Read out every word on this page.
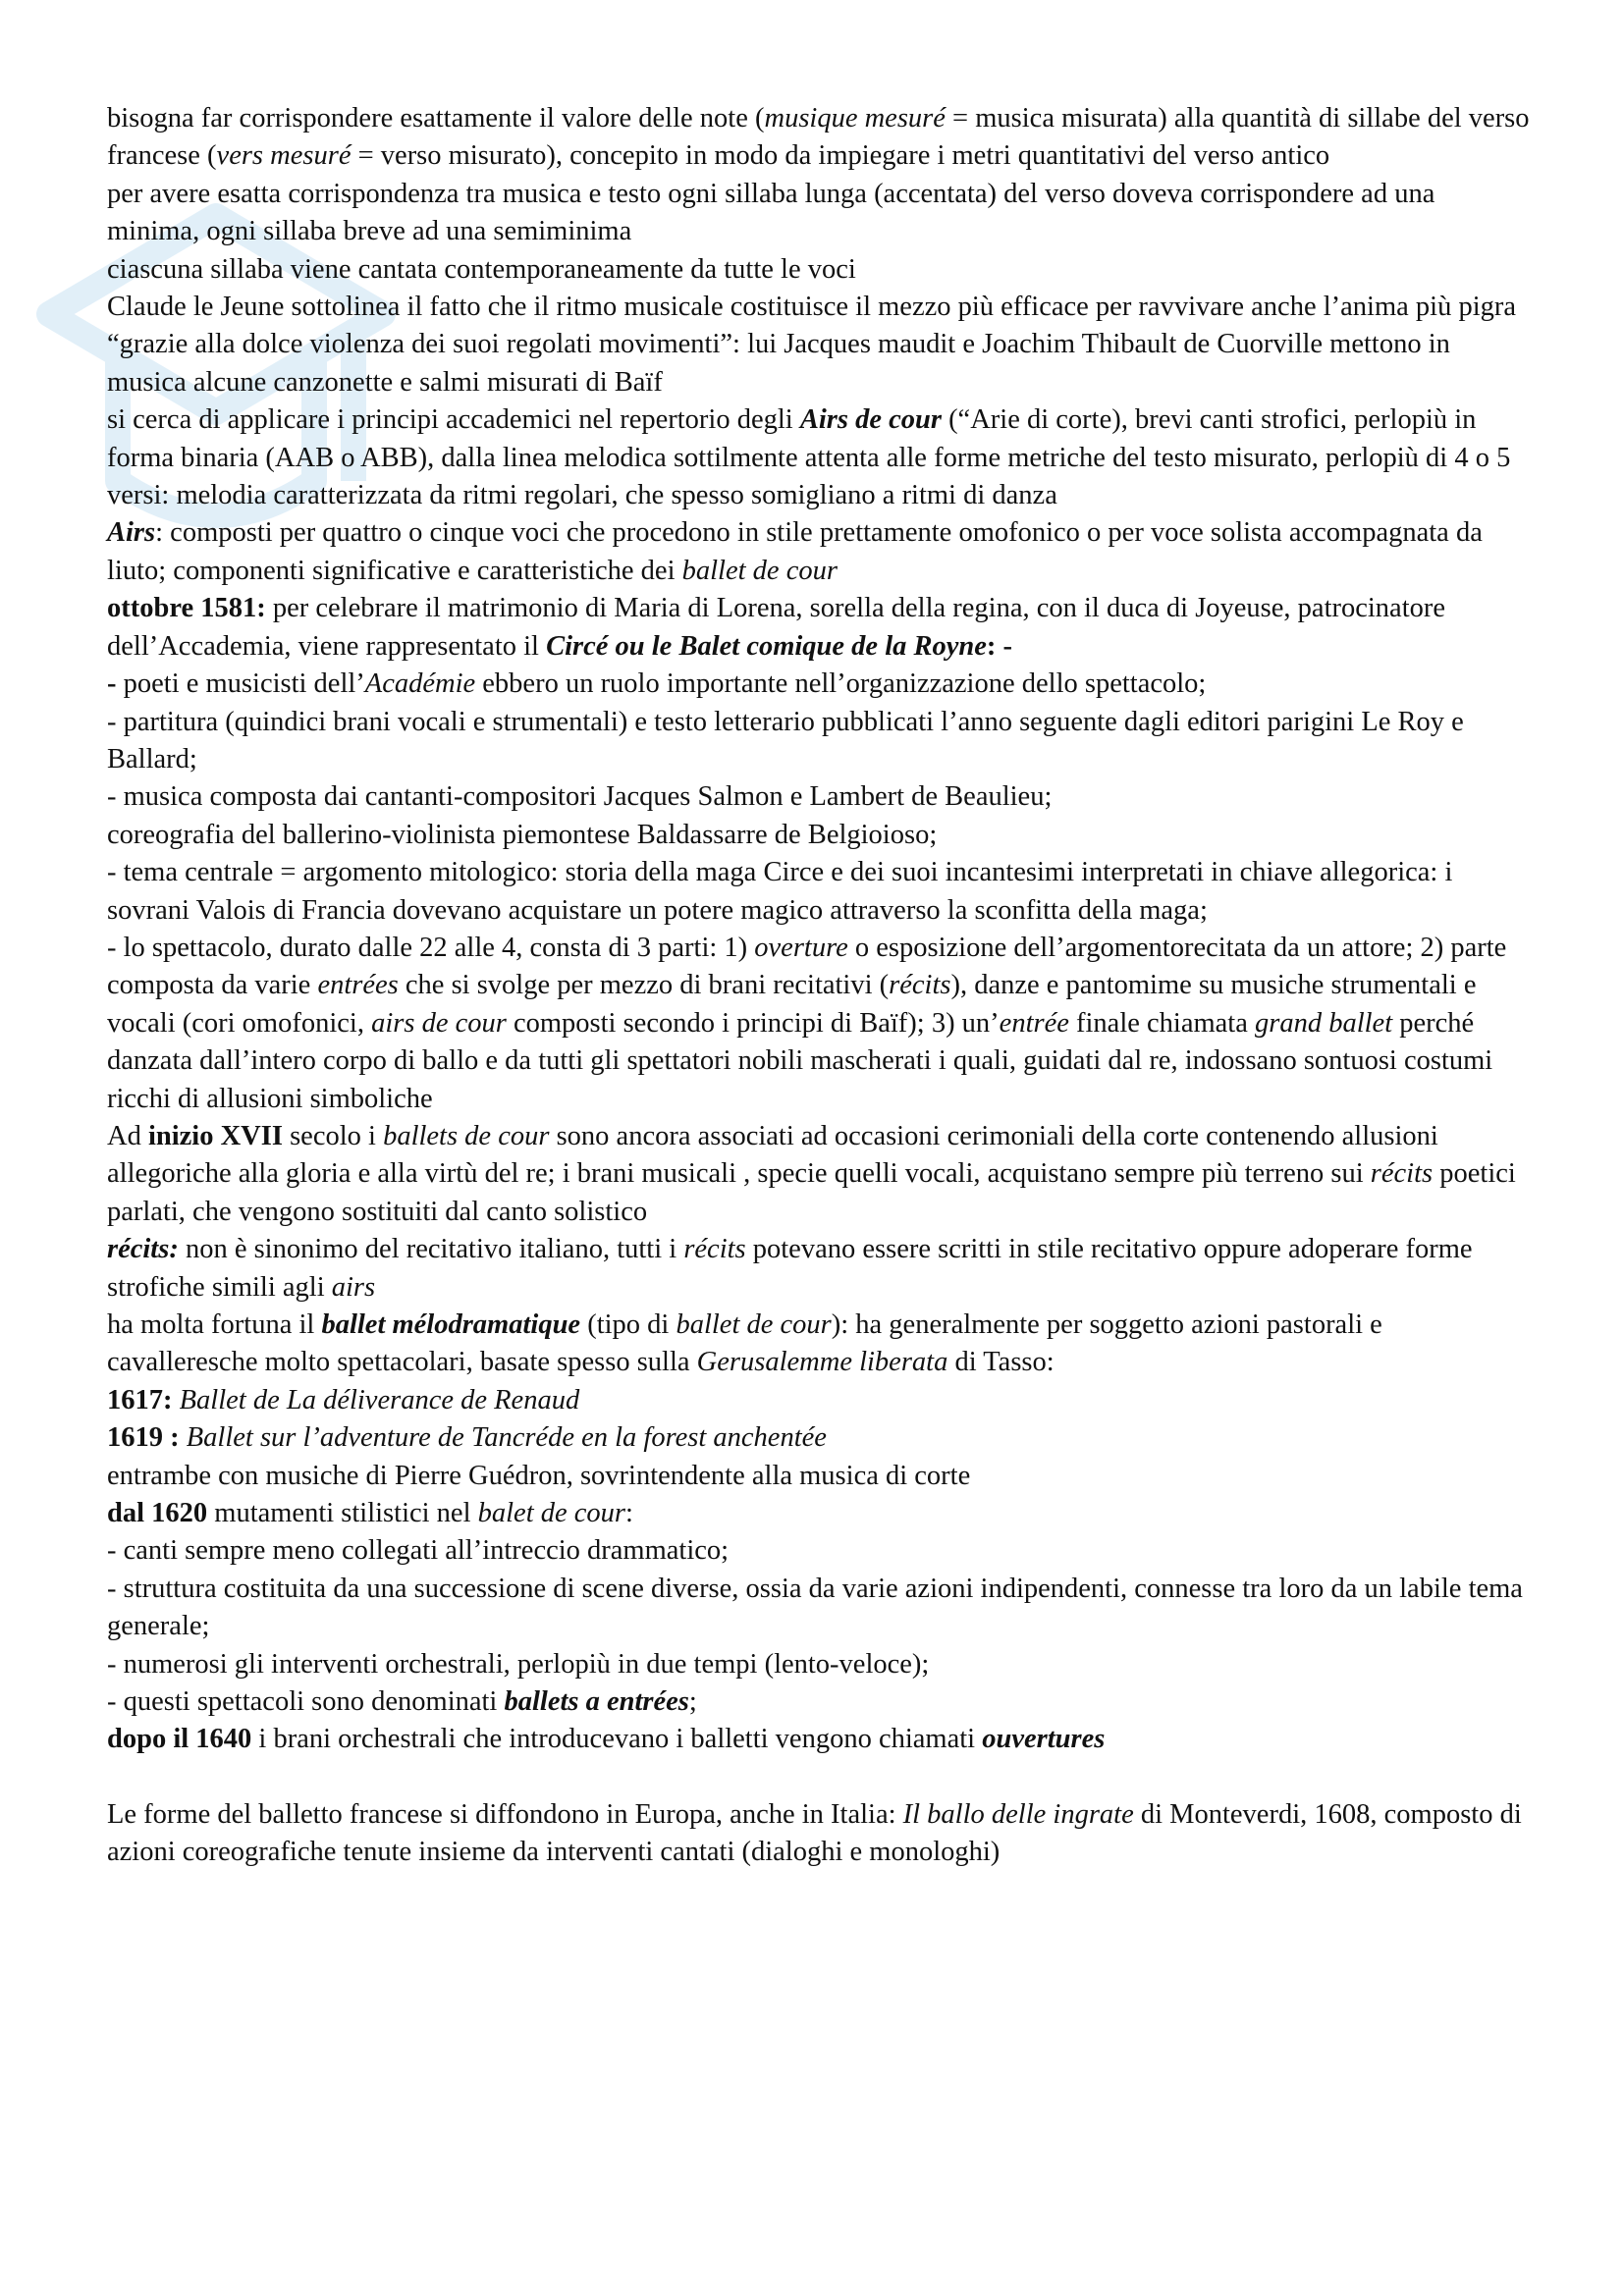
bisogna far corrispondere esattamente il valore delle note (musique mesuré = musica misurata) alla quantità di sillabe del verso francese (vers mesuré = verso misurato), concepito in modo da impiegare i metri quantitativi del verso antico

per avere esatta corrispondenza tra musica e testo ogni sillaba lunga (accentata) del verso doveva corrispondere ad una minima, ogni sillaba breve ad una semiminima

ciascuna sillaba viene cantata contemporaneamente da tutte le voci

Claude le Jeune sottolinea il fatto che il ritmo musicale costituisce il mezzo più efficace per ravvivare anche l’anima più pigra “grazie alla dolce violenza dei suoi regolati movimenti”: lui Jacques maudit e Joachim Thibault de Cuorville mettono in musica alcune canzonette e salmi misurati di Baïf

si cerca di applicare i principi accademici nel repertorio degli Airs de cour (“Arie di corte), brevi canti strofici, perlopiù in forma binaria (AAB o ABB), dalla linea melodica sottilmente attenta alle forme metriche del testo misurato, perlopiù di 4 o 5 versi: melodia caratterizzata da ritmi regolari, che spesso somigliano a ritmi di danza

Airs: composti per quattro o cinque voci che procedono in stile prettamente omofonico o per voce solista accompagnata da liuto; componenti significative e caratteristiche dei ballet de cour

ottobre 1581: per celebrare il matrimonio di Maria di Lorena, sorella della regina, con il duca di Joyeuse, patrocinatore dell’Accademia, viene rappresentato il Circé ou le Balet comique de la Royne: -

- poeti e musicisti dell’Académie ebbero un ruolo importante nell’organizzazione dello spettacolo;

- partitura (quindici brani vocali e strumentali) e testo letterario pubblicati l’anno seguente dagli editori parigini Le Roy e Ballard;

- musica composta dai cantanti-compositori Jacques Salmon e Lambert de Beaulieu;

coreografia del ballerino-violinista piemontese Baldassarre de Belgioioso;

- tema centrale = argomento mitologico: storia della maga Circe e dei suoi incantesimi interpretati in chiave allegorica: i sovrani Valois di Francia dovevano acquistare un potere magico attraverso la sconfitta della maga;

- lo spettacolo, durato dalle 22 alle 4, consta di 3 parti: 1) overture o esposizione dell’argomentorecitata da un attore; 2) parte composta da varie entrées che si svolge per mezzo di brani recitativi (récits), danze e pantomime su musiche strumentali e vocali (cori omofonici, airs de cour composti secondo i principi di Baïf); 3) un’entrée finale chiamata grand ballet perché danzata dall’intero corpo di ballo e da tutti gli spettatori nobili mascherati i quali, guidati dal re, indossano sontuosi costumi ricchi di allusioni simboliche

Ad inizio XVII secolo i ballets de cour sono ancora associati ad occasioni cerimoniali della corte contenendo allusioni allegoriche alla gloria e alla virtù del re; i brani musicali , specie quelli vocali, acquistano sempre più terreno sui récits poetici parlati, che vengono sostituiti dal canto solistico

récits: non è sinonimo del recitativo italiano, tutti i récits potevano essere scritti in stile recitativo oppure adoperare forme strofiche simili agli airs

ha molta fortuna il ballet mélodramatique (tipo di ballet de cour): ha generalmente per soggetto azioni pastorali e cavalleresche molto spettacolari, basate spesso sulla Gerusalemme liberata di Tasso:

1617: Ballet de La déliverance de Renaud

1619 : Ballet sur l’adventure de Tancréde en la forest anchentée

entrambe con musiche di Pierre Guédron, sovrintendente alla musica di corte

dal 1620 mutamenti stilistici nel balet de cour:

- canti sempre meno collegati all’intreccio drammatico;

- struttura costituita da una successione di scene diverse, ossia da varie azioni indipendenti, connesse tra loro da un labile tema generale;

- numerosi gli interventi orchestrali, perlopiù in due tempi (lento-veloce);

- questi spettacoli sono denominati ballets a entrées;

dopo il 1640 i brani orchestrali che introducevano i balletti vengono chiamati ouvertures

Le forme del balletto francese si diffondono in Europa, anche in Italia: Il ballo delle ingrate di Monteverdi, 1608, composto di azioni coreografiche tenute insieme da interventi cantati (dialoghi e monologhi)
